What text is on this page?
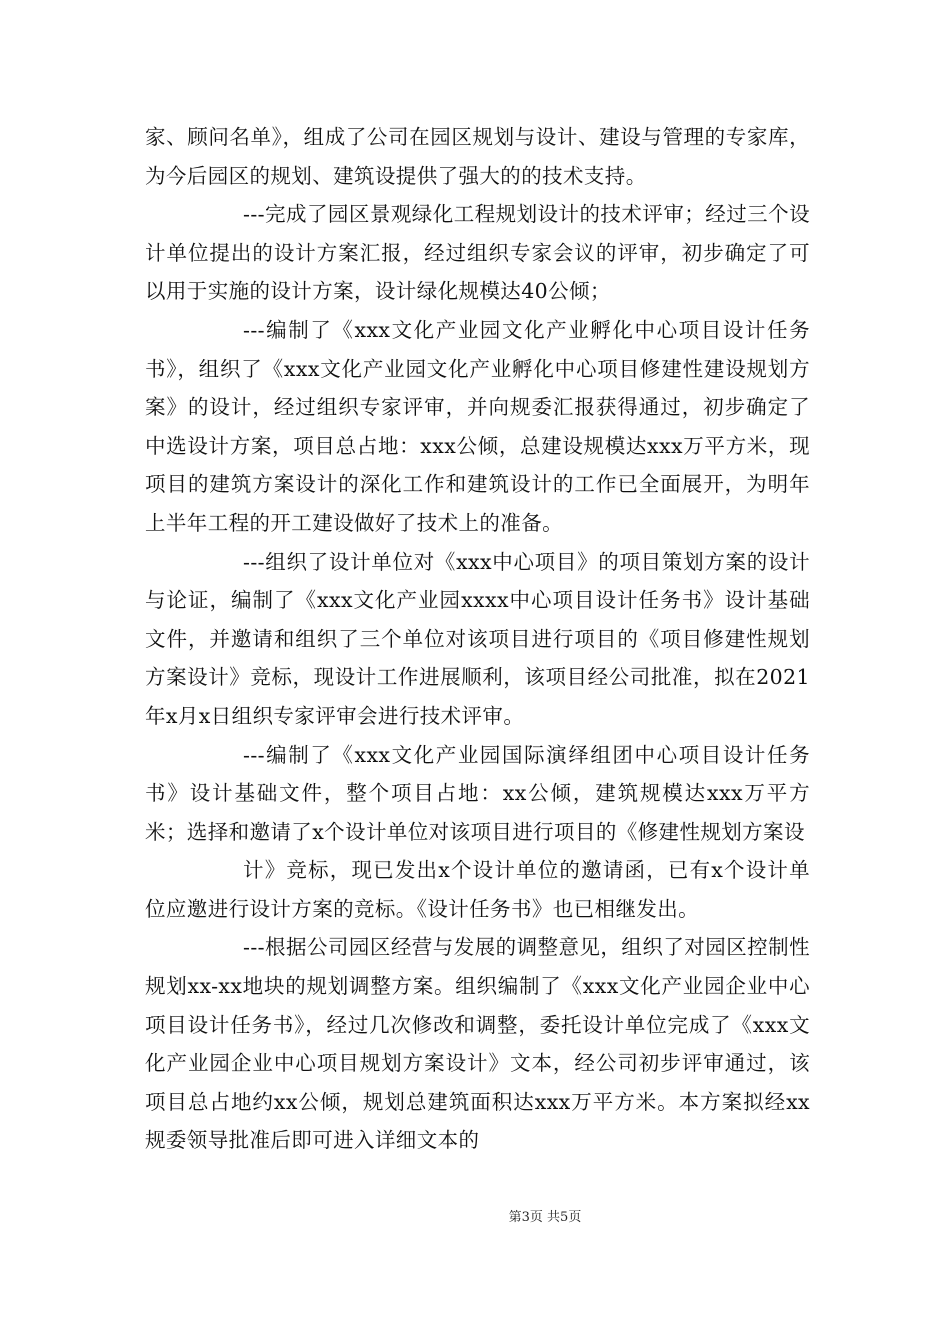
家、顾问名单》，组成了公司在园区规划与设计、建设与管理的专家库，为今后园区的规划、建筑设提供了强大的的技术支持。

---完成了园区景观绿化工程规划设计的技术评审；经过三个设计单位提出的设计方案汇报，经过组织专家会议的评审，初步确定了可以用于实施的设计方案，设计绿化规模达40公倾；

---编制了《xxx文化产业园文化产业孵化中心项目设计任务书》，组织了《xxx文化产业园文化产业孵化中心项目修建性建设规划方案》的设计，经过组织专家评审，并向规委汇报获得通过，初步确定了中选设计方案，项目总占地：xxx公倾，总建设规模达xxx万平方米，现项目的建筑方案设计的深化工作和建筑设计的工作已全面展开，为明年上半年工程的开工建设做好了技术上的准备。

---组织了设计单位对《xxx中心项目》的项目策划方案的设计与论证，编制了《xxx文化产业园xxxx中心项目设计任务书》设计基础文件，并邀请和组织了三个单位对该项目进行项目的《项目修建性规划方案设计》竞标，现设计工作进展顺利，该项目经公司批准，拟在2021年x月x日组织专家评审会进行技术评审。

---编制了《xxx文化产业园国际演绎组团中心项目设计任务书》设计基础文件，整个项目占地：xx公倾，建筑规模达xxx万平方米；选择和邀请了x个设计单位对该项目进行项目的《修建性规划方案设

计》竞标，现已发出x个设计单位的邀请函，已有x个设计单位应邀进行设计方案的竞标。《设计任务书》也已相继发出。

---根据公司园区经营与发展的调整意见，组织了对园区控制性规划xx-xx地块的规划调整方案。组织编制了《xxx文化产业园企业中心项目设计任务书》，经过几次修改和调整，委托设计单位完成了《xxx文化产业园企业中心项目规划方案设计》文本，经公司初步评审通过，该项目总占地约xx公倾，规划总建筑面积达xxx万平方米。本方案拟经xx规委领导批准后即可进入详细文本的

第3页 共5页
